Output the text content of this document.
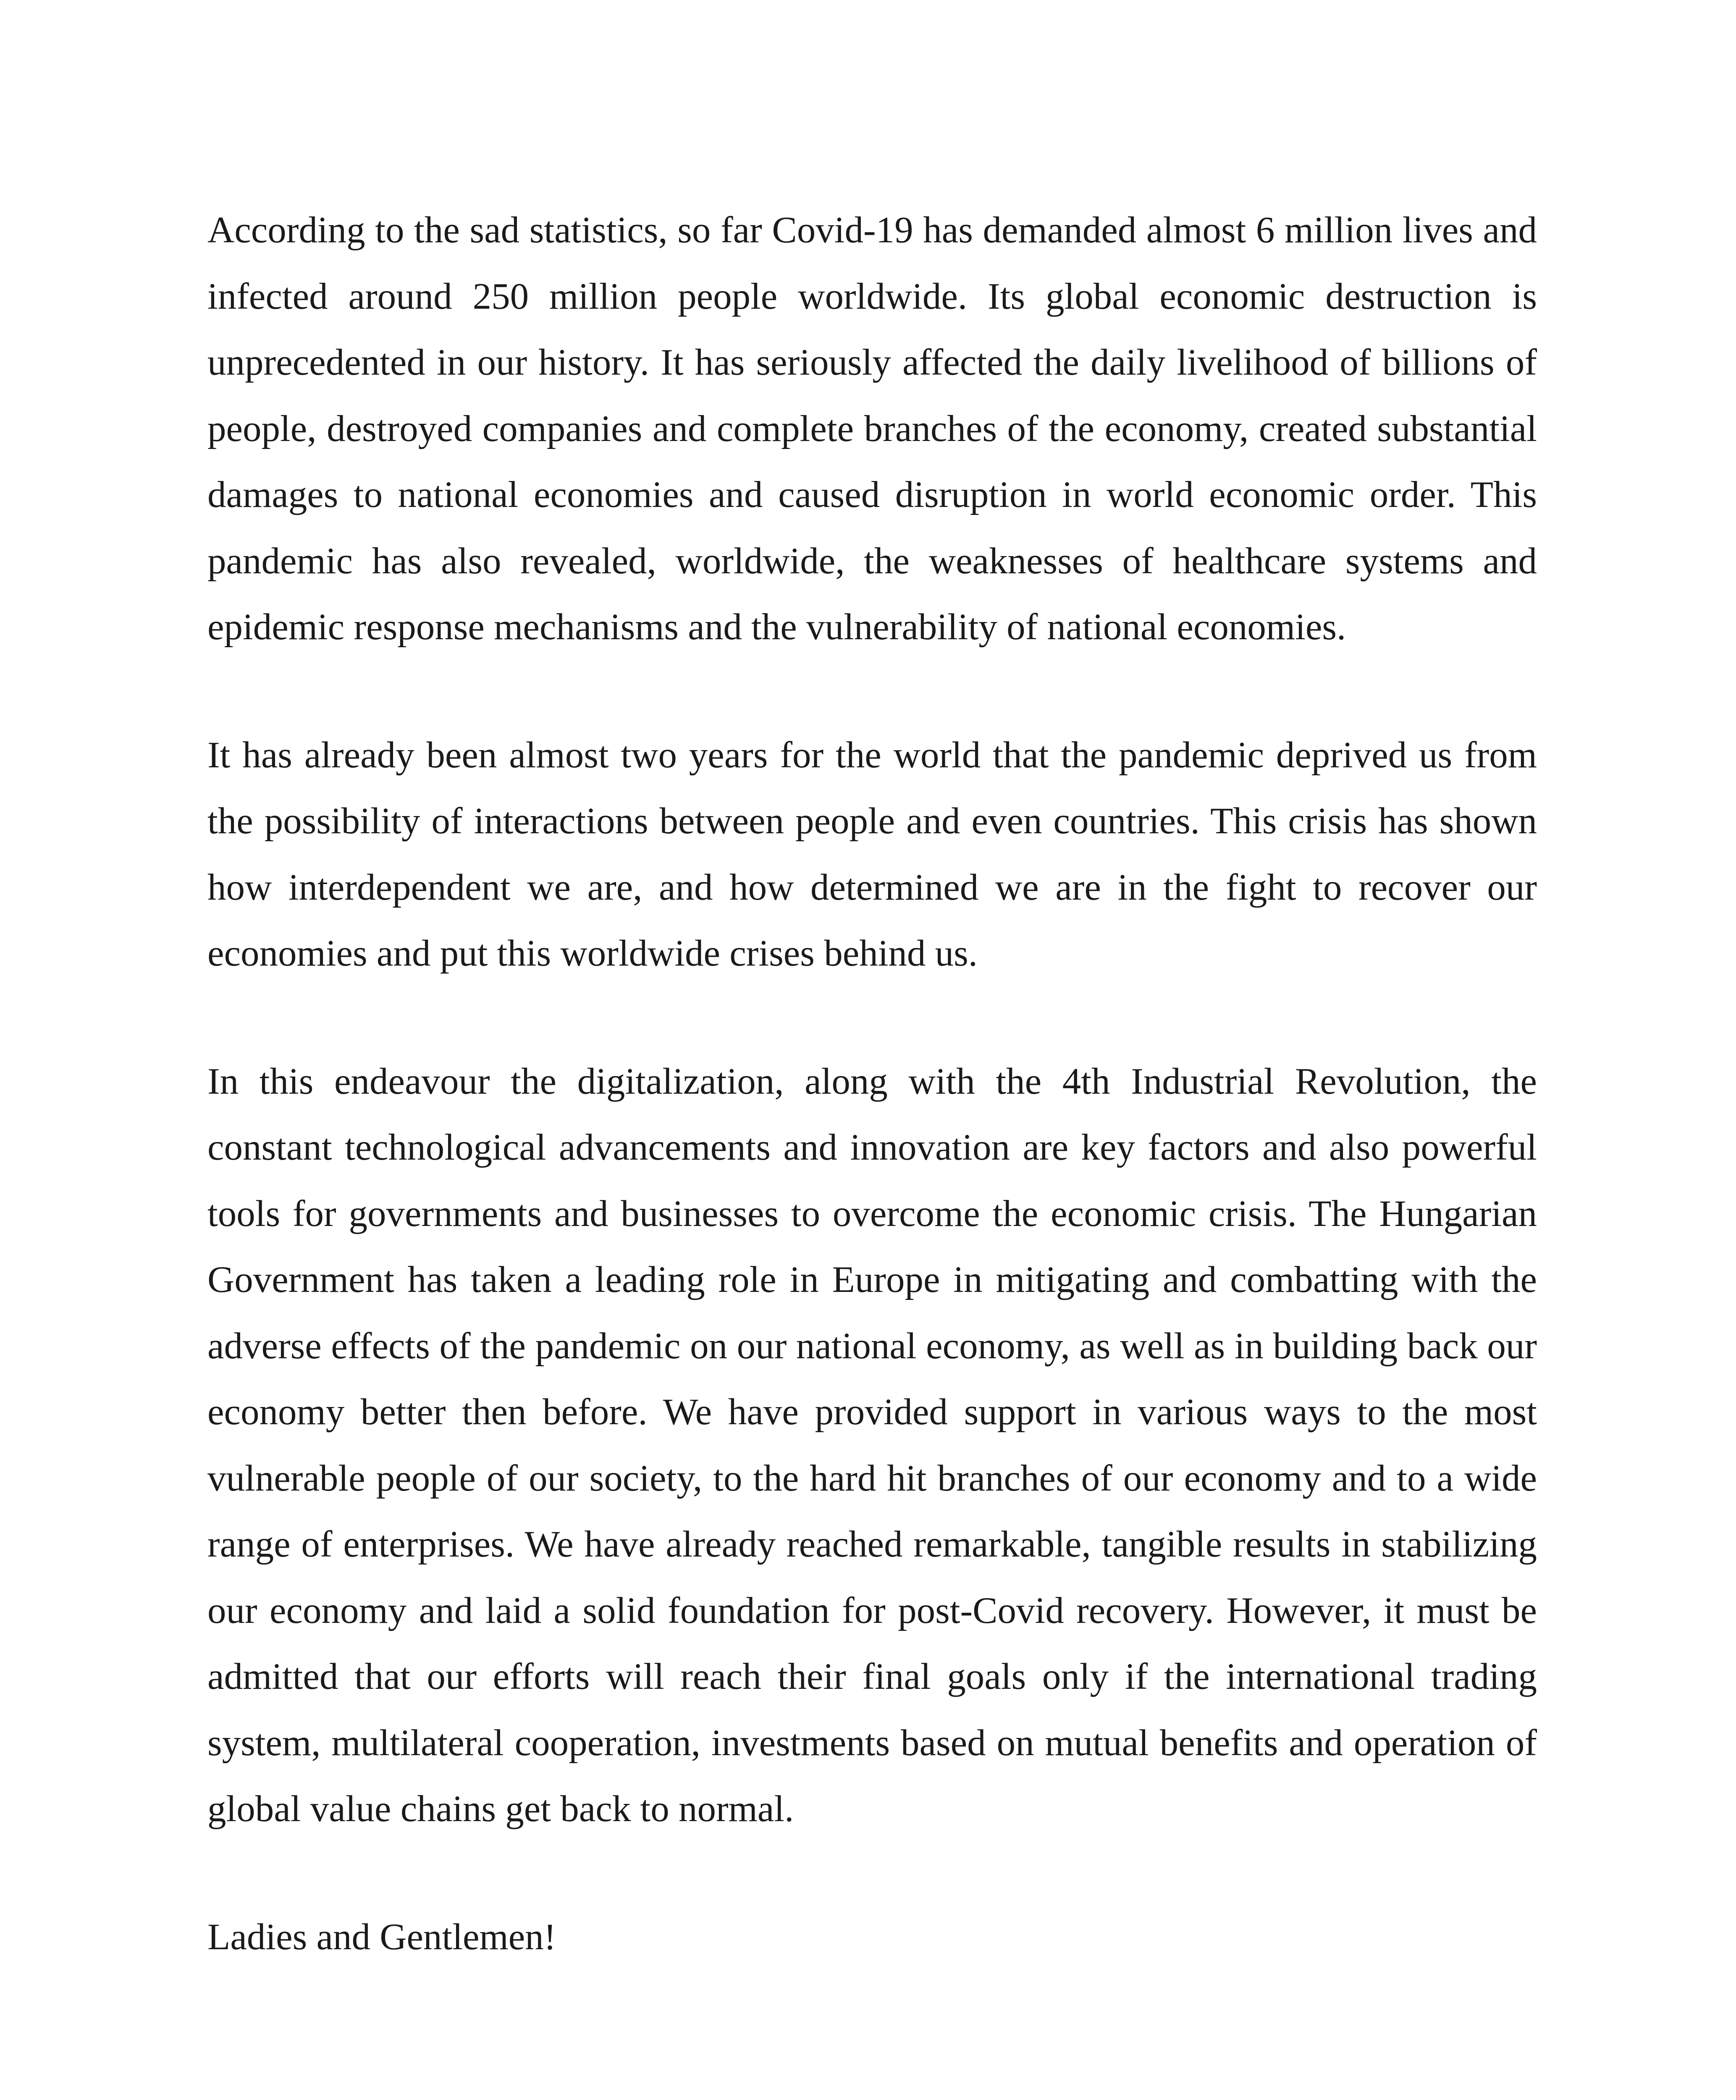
According to the sad statistics, so far Covid-19 has demanded almost 6 million lives and infected around 250 million people worldwide. Its global economic destruction is unprecedented in our history. It has seriously affected the daily livelihood of billions of people, destroyed companies and complete branches of the economy, created substantial damages to national economies and caused disruption in world economic order. This pandemic has also revealed, worldwide, the weaknesses of healthcare systems and epidemic response mechanisms and the vulnerability of national economies.

It has already been almost two years for the world that the pandemic deprived us from the possibility of interactions between people and even countries. This crisis has shown how interdependent we are, and how determined we are in the fight to recover our economies and put this worldwide crises behind us.

In this endeavour the digitalization, along with the 4th Industrial Revolution, the constant technological advancements and innovation are key factors and also powerful tools for governments and businesses to overcome the economic crisis. The Hungarian Government has taken a leading role in Europe in mitigating and combatting with the adverse effects of the pandemic on our national economy, as well as in building back our economy better then before. We have provided support in various ways to the most vulnerable people of our society, to the hard hit branches of our economy and to a wide range of enterprises. We have already reached remarkable, tangible results in stabilizing our economy and laid a solid foundation for post-Covid recovery. However, it must be admitted that our efforts will reach their final goals only if the international trading system, multilateral cooperation, investments based on mutual benefits and operation of global value chains get back to normal.

Ladies and Gentlemen!
